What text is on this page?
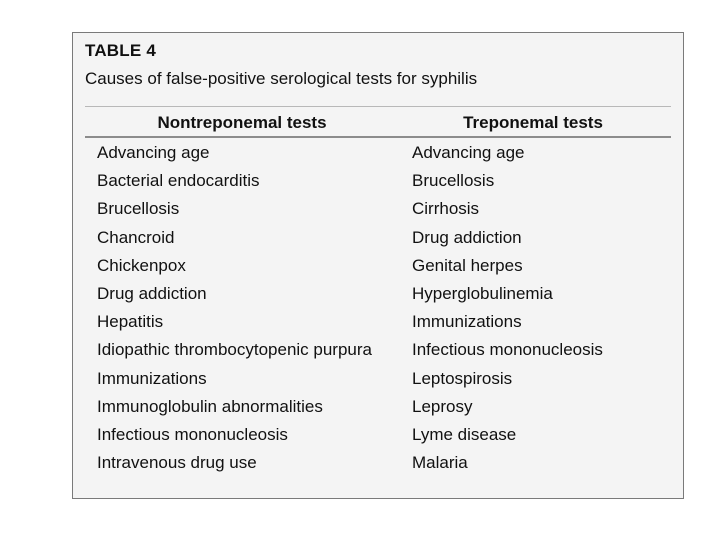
TABLE 4
Causes of false-positive serological tests for syphilis
Nontreponemal tests	Treponemal tests
Advancing age
Bacterial endocarditis
Brucellosis
Chancroid
Chickenpox
Drug addiction
Hepatitis
Idiopathic thrombocytopenic purpura
Immunizations
Immunoglobulin abnormalities
Infectious mononucleosis
Intravenous drug use
Advancing age
Brucellosis
Cirrhosis
Drug addiction
Genital herpes
Hyperglobulinemia
Immunizations
Infectious mononucleosis
Leptospirosis
Leprosy
Lyme disease
Malaria
